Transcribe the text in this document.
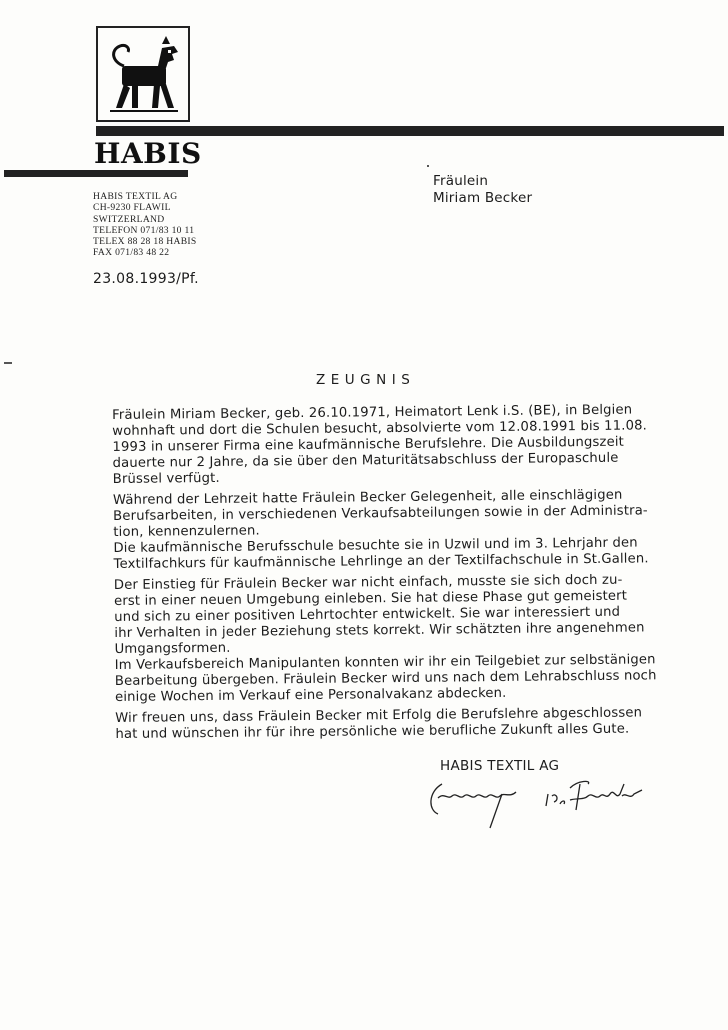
HABIS
HABIS TEXTIL AG
CH-9230 FLAWIL
SWITZERLAND
TELEFON 071/83 10 11
TELEX 88 28 18 HABIS
FAX 071/83 48 22
23.08.1993/Pf.
Fräulein
Miriam Becker
ZEUGNIS
Fräulein Miriam Becker, geb. 26.10.1971, Heimatort Lenk i.S. (BE), in Belgien
wohnhaft und dort die Schulen besucht, absolvierte vom 12.08.1991 bis 11.08.
1993 in unserer Firma eine kaufmännische Berufslehre. Die Ausbildungszeit
dauerte nur 2 Jahre, da sie über den Maturitätsabschluss der Europaschule
Brüssel verfügt.
Während der Lehrzeit hatte Fräulein Becker Gelegenheit, alle einschlägigen
Berufsarbeiten, in verschiedenen Verkaufsabteilungen sowie in der Administra-
tion, kennenzulernen.
Die kaufmännische Berufsschule besuchte sie in Uzwil und im 3. Lehrjahr den
Textilfachkurs für kaufmännische Lehrlinge an der Textilfachschule in St.Gallen.
Der Einstieg für Fräulein Becker war nicht einfach, musste sie sich doch zu-
erst in einer neuen Umgebung einleben. Sie hat diese Phase gut gemeistert
und sich zu einer positiven Lehrtochter entwickelt. Sie war interessiert und
ihr Verhalten in jeder Beziehung stets korrekt. Wir schätzten ihre angenehmen
Umgangsformen.
Im Verkaufsbereich Manipulanten konnten wir ihr ein Teilgebiet zur selbstänigen
Bearbeitung übergeben. Fräulein Becker wird uns nach dem Lehrabschluss noch
einige Wochen im Verkauf eine Personalvakanz abdecken.
Wir freuen uns, dass Fräulein Becker mit Erfolg die Berufslehre abgeschlossen
hat und wünschen ihr für ihre persönliche wie berufliche Zukunft alles Gute.
HABIS TEXTIL AG
